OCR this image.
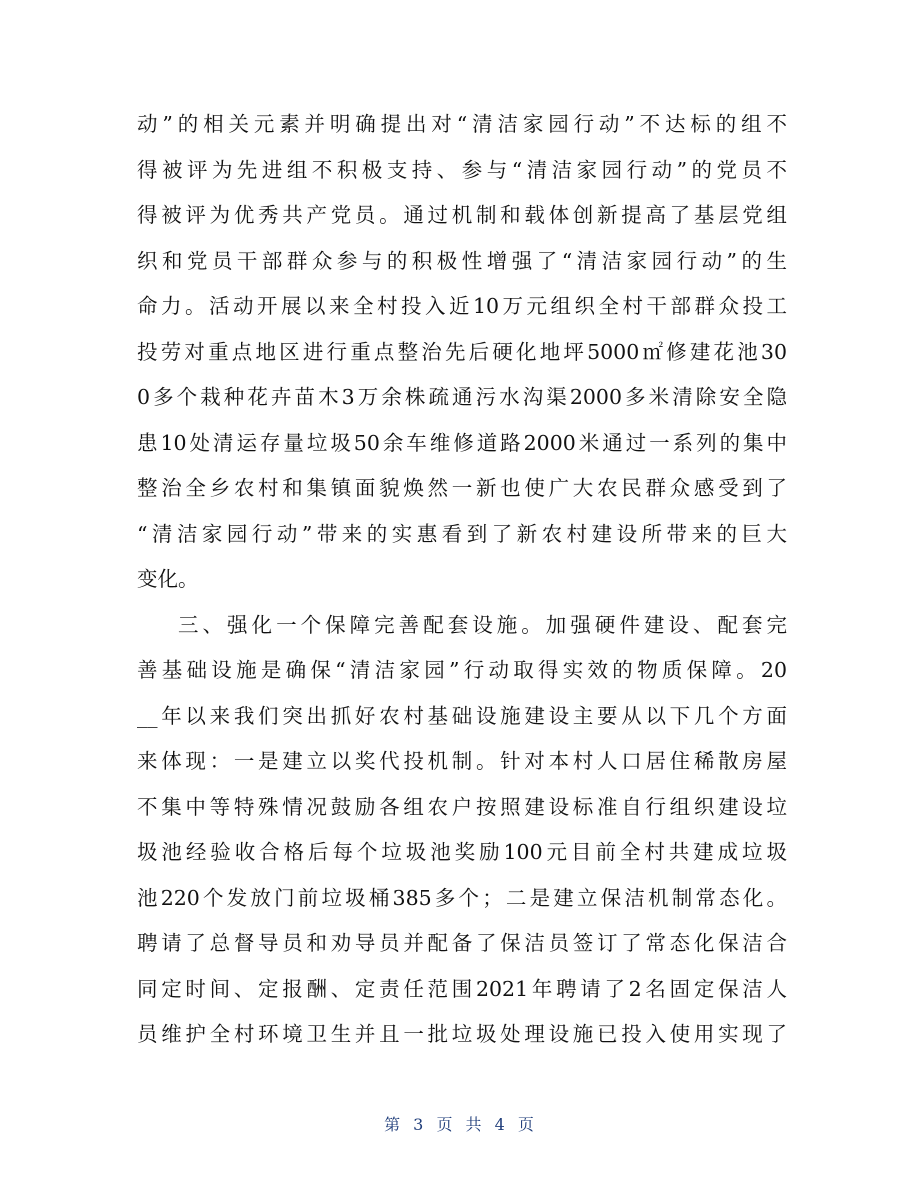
动”的相关元素并明确提出对“清洁家园行动”不达标的组不
得被评为先进组不积极支持、参与“清洁家园行动”的党员不
得被评为优秀共产党员。通过机制和载体创新提高了基层党组
织和党员干部群众参与的积极性增强了“清洁家园行动”的生
命力。活动开展以来全村投入近10万元组织全村干部群众投工
投劳对重点地区进行重点整治先后硬化地坪5000㎡修建花池30
0多个栽种花卉苗木3万余株疏通污水沟渠2000多米清除安全隐
患10处清运存量垃圾50余车维修道路2000米通过一系列的集中
整治全乡农村和集镇面貌焕然一新也使广大农民群众感受到了
“清洁家园行动”带来的实惠看到了新农村建设所带来的巨大
变化。
三、强化一个保障完善配套设施。加强硬件建设、配套完
善基础设施是确保“清洁家园”行动取得实效的物质保障。20
__年以来我们突出抓好农村基础设施建设主要从以下几个方面
来体现：一是建立以奖代投机制。针对本村人口居住稀散房屋
不集中等特殊情况鼓励各组农户按照建设标准自行组织建设垃
圾池经验收合格后每个垃圾池奖励100元目前全村共建成垃圾
池220个发放门前垃圾桶385多个；二是建立保洁机制常态化。
聘请了总督导员和劝导员并配备了保洁员签订了常态化保洁合
同定时间、定报酬、定责任范围2021年聘请了2名固定保洁人
员维护全村环境卫生并且一批垃圾处理设施已投入使用实现了
第 3 页 共 4 页
